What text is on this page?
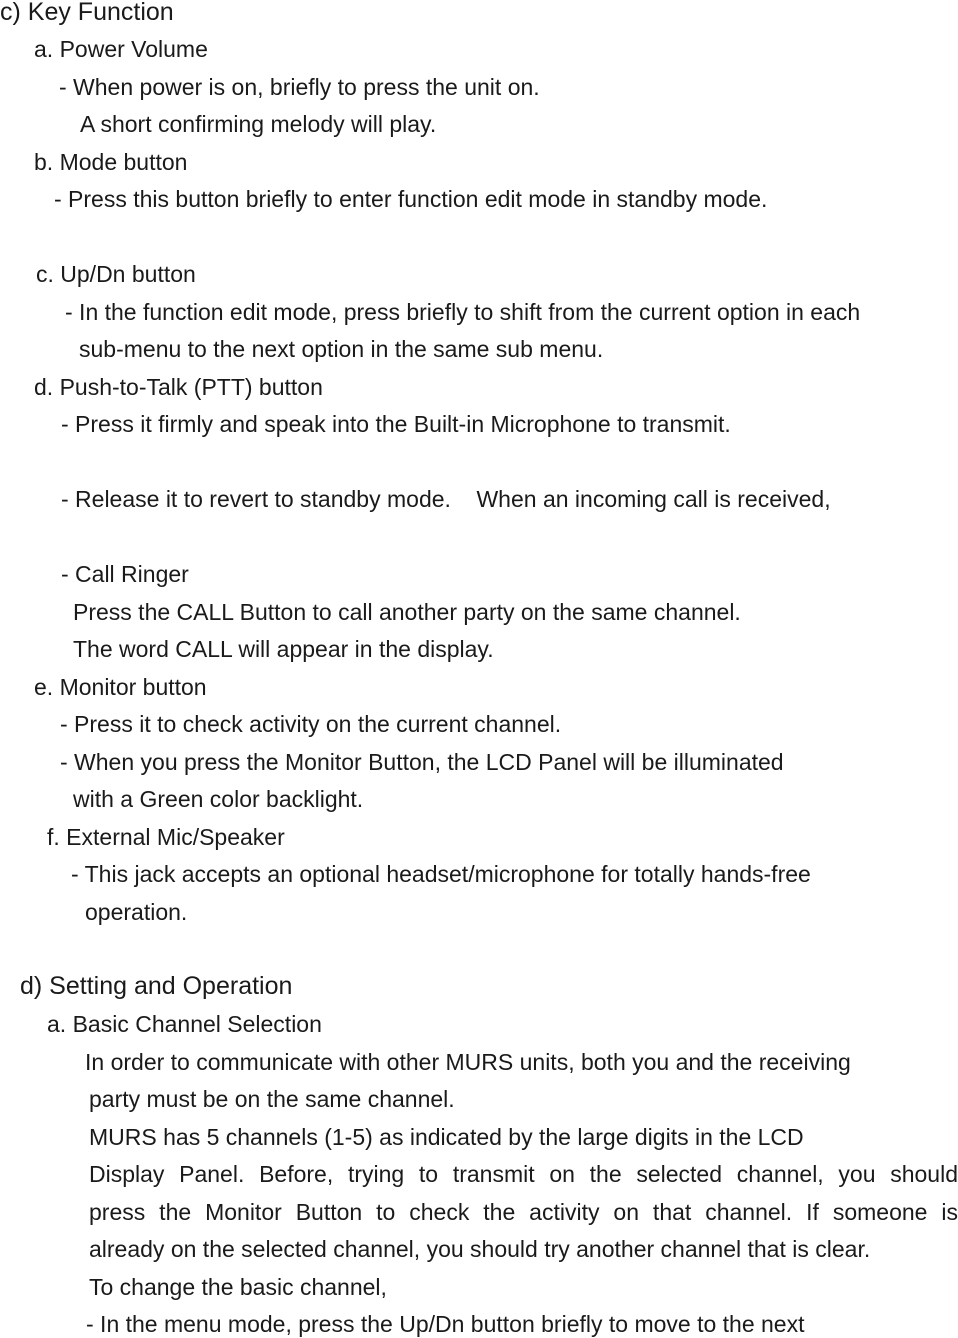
c) Key Function
a. Power Volume
- When power is on, briefly to press the unit on.
A short confirming melody will play.
b. Mode button
- Press this button briefly to enter function edit mode in standby mode.
c. Up/Dn button
- In the function edit mode, press briefly to shift from the current option in each
sub-menu to the next option in the same sub menu.
d. Push-to-Talk (PTT) button
- Press it firmly and speak into the Built-in Microphone to transmit.
- Release it to revert to standby mode.    When an incoming call is received,
- Call Ringer
Press the CALL Button to call another party on the same channel.
The word CALL will appear in the display.
e. Monitor button
- Press it to check activity on the current channel.
- When you press the Monitor Button, the LCD Panel will be illuminated
with a Green color backlight.
f. External Mic/Speaker
- This jack accepts an optional headset/microphone for totally hands-free
operation.
d) Setting and Operation
a. Basic Channel Selection
In order to communicate with other MURS units, both you and the receiving
party must be on the same channel.
MURS has 5 channels (1-5) as indicated by the large digits in the LCD
Display Panel. Before, trying to transmit on the selected channel, you should
press the Monitor Button to check the activity on that channel. If someone is
already on the selected channel, you should try another channel that is clear.
To change the basic channel,
- In the menu mode, press the Up/Dn button briefly to move to the next
